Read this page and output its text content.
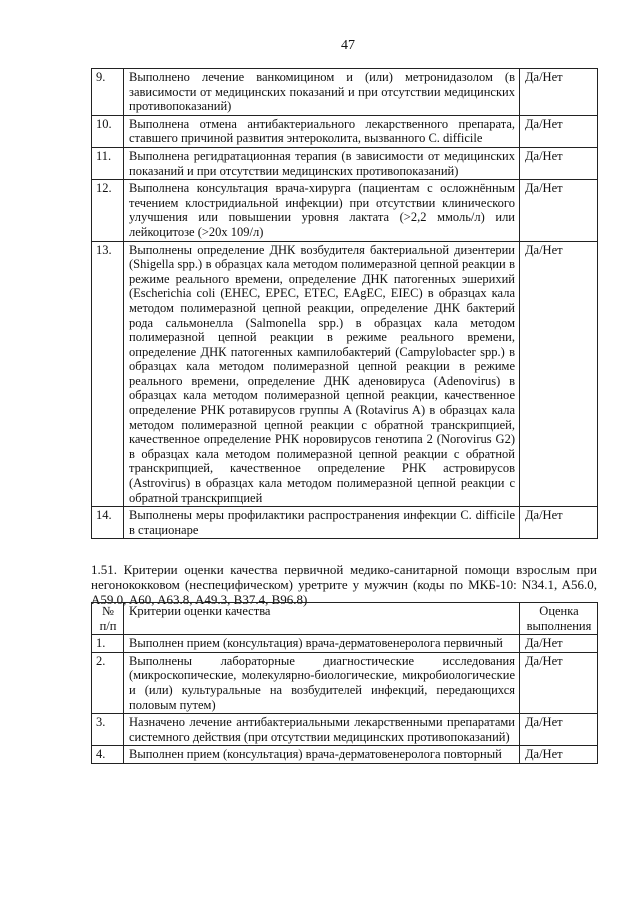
47
9.	Выполнено лечение ванкомицином и (или) метронидазолом (в зависимости от медицинских показаний и при отсутствии медицинских противопоказаний)	Да/Нет
10.	Выполнена отмена антибактериального лекарственного препарата, ставшего причиной развития энтероколита, вызванного C. difficile	Да/Нет
11.	Выполнена регидратационная терапия (в зависимости от медицинских показаний и при отсутствии медицинских противопоказаний)	Да/Нет
12.	Выполнена консультация врача-хирурга (пациентам с осложнённым течением клостридиальной инфекции) при отсутствии клинического улучшения или повышении уровня лактата (>2,2 ммоль/л) или лейкоцитозе (>20х 109/л)	Да/Нет
13.	Выполнены определение ДНК возбудителя бактериальной дизентерии (Shigella spp.) в образцах кала методом полимеразной цепной реакции в режиме реального времени, определение ДНК патогенных эшерихий (Escherichia coli (EHEC, EPEC, ETEC, EAgEC, EIEC) в образцах кала методом полимеразной цепной реакции, определение ДНК бактерий рода сальмонелла (Salmonella spp.) в образцах кала методом полимеразной цепной реакции в режиме реального времени, определение ДНК патогенных кампилобактерий (Campylobacter spp.) в образцах кала методом полимеразной цепной реакции в режиме реального времени, определение ДНК аденовируса (Adenovirus) в образцах кала методом полимеразной цепной реакции, качественное определение РНК ротавирусов группы A (Rotavirus A) в образцах кала методом полимеразной цепной реакции с обратной транскрипцией, качественное определение РНК норовирусов генотипа 2 (Norovirus G2) в образцах кала методом полимеразной цепной реакции с обратной транскрипцией, качественное определение РНК астровирусов (Astrovirus) в образцах кала методом полимеразной цепной реакции с обратной транскрипцией	Да/Нет
14.	Выполнены меры профилактики распространения инфекции C. difficile в стационаре	Да/Нет
1.51. Критерии оценки качества первичной медико-санитарной помощи взрослым при негонококковом (неспецифическом) уретрите у мужчин (коды по МКБ-10: N34.1, A56.0, A59.0, A60, A63.8, A49.3, B37.4, B96.8)
№ п/п	Критерии оценки качества	Оценка выполнения
1.	Выполнен прием (консультация) врача-дерматовенеролога первичный	Да/Нет
2.	Выполнены лабораторные диагностические исследования (микроскопические, молекулярно-биологические, микробиологические и (или) культуральные на возбудителей инфекций, передающихся половым путем)	Да/Нет
3.	Назначено лечение антибактериальными лекарственными препаратами системного действия (при отсутствии медицинских противопоказаний)	Да/Нет
4.	Выполнен прием (консультация) врача-дерматовенеролога повторный	Да/Нет
